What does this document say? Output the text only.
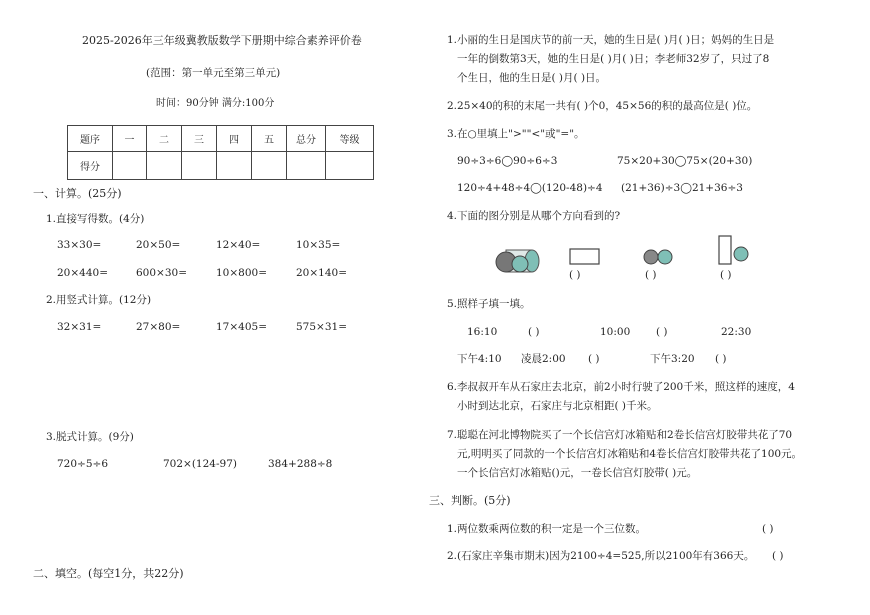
2025-2026年三年级冀教版数学下册期中综合素养评价卷
(范围：第一单元至第三单元)
时间：90分钟 满分:100分
题序	一	二	三	四	五	总分	等级
得分							
一、计算。(25分)
1.直接写得数。(4分)
33×30=	20×50=	12×40=	10×35=
20×440=	600×30=	10×800=	20×140=
2.用竖式计算。(12分)
32×31=	27×80=	17×405=	575×31=
3.脱式计算。(9分)
720÷5÷6	702×(124-97)	384+288÷8
二、填空。(每空1分，共22分)
1.小丽的生日是国庆节的前一天，她的生日是( )月( )日；妈妈的生日是
一年的倒数第3天，她的生日是( )月( )日；李老师32岁了，只过了8
个生日，他的生日是( )月( )日。
2.25×40的积的末尾一共有( )个0，45×56的积的最高位是( )位。
3.在○里填上">""<"或"="。
90÷3÷6◯90÷6÷3	75×20+30◯75×(20+30)
120÷4+48÷4◯(120-48)÷4 (21+36)÷3◯21+36÷3
4.下面的图分别是从哪个方向看到的?
( )	( )	( )
5.照样子填一填。
16:10	( )	10:00 ( )	22:30
下午4:10 凌晨2:00 ( )	下午3:20 ( )
6.李叔叔开车从石家庄去北京，前2小时行驶了200千米，照这样的速度，4
小时到达北京，石家庄与北京相距( )千米。
7.聪聪在河北博物院买了一个长信宫灯冰箱贴和2卷长信宫灯胶带共花了70
元,明明买了同款的一个长信宫灯冰箱贴和4卷长信宫灯胶带共花了100元。
一个长信宫灯冰箱贴()元，一卷长信宫灯胶带( )元。
三、判断。(5分)
1.两位数乘两位数的积一定是一个三位数。	( )
2.(石家庄辛集市期末)因为2100÷4=525,所以2100年有366天。 ( )
